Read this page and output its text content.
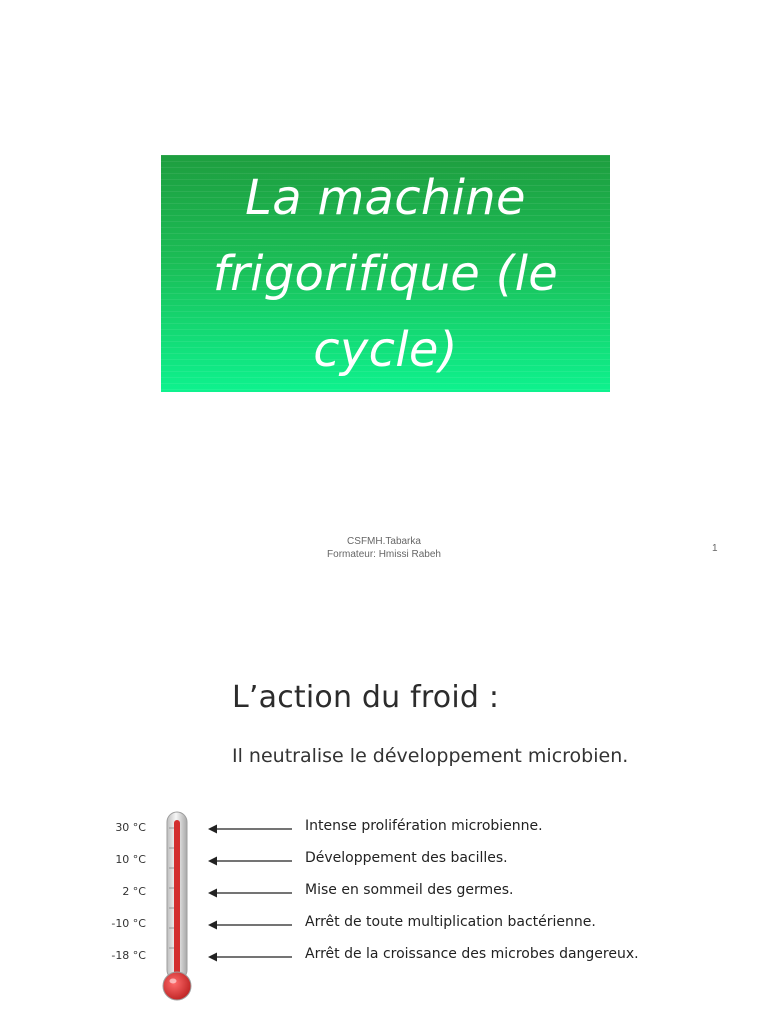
La machine
frigorifique (le
cycle)

CSFMH.Tabarka
Formateur: Hmissi Rabeh
1
L’action du froid :

Il neutralise le développement microbien.

30 °C	Intense prolifération microbienne.
10 °C	Développement des bacilles.
2 °C	Mise en sommeil des germes.
-10 °C	Arrêt de toute multiplication bactérienne.
-18 °C	Arrêt de la croissance des microbes dangereux.
